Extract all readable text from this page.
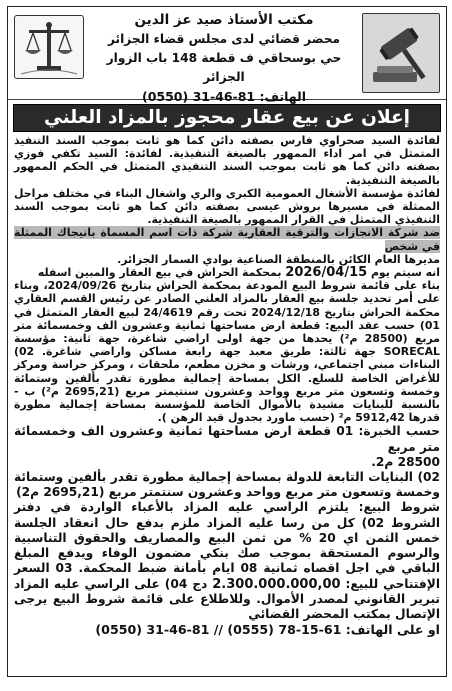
مكتب الأستاذ صيد عز الدين
محضر قضائي لدى مجلس قضاء الجزائر
حي بوسحاقي ف قطعة 148 باب الزوار الجزائر
الهاتف: (0550) 31-46-81
إعلان عن بيع عقار محجوز بالمزاد العلني

لفائدة السيد صحراوي فارس بصفته دائن كما هو ثابت بموجب السند التنفيذ المتمثل في امر اداء الممهور بالصيغة التنفيذية. لفائدة: السيد تكفي فوزي بصفته دائن كما هو ثابت بموجب السند التنفيذي المتمثل في الحكم الممهور بالصيغة التنفيذية.

لفائدة مؤسسة الأشغال العمومية الكبرى والري واشغال البناء في مختلف مراحل الممثلة في مسيرها بروش عيسى بصفته دائن كما هو ثابت بموجب السند التنفيذي المتمثل في القرار الممهور بالصيغة التنفيذية.

ضد شركة الانجازات والترقية العقارية شركة ذات اسم المسماة بانيجاك الممثلة في شخص

مديرها العام الكائن بالمنطقة الصناعية بوادي السمار الجزائر.

انه سيتم يوم 2026/04/15 بمحكمة الحراش في بيع العقار والمبين اسفله

بناء على قائمة شروط البيع المودعة بمحكمة الحراش بتاريخ 2024/09/26، وبناء على أمر تحديد جلسة بيع العقار بالمزاد العلني الصادر عن رئيس القسم العقاري محكمة الحراش بتاريخ 2024/12/18 تحت رقم 24/4619 لبيع العقار المتمثل في 01) حسب عقد البيع: قطعة ارض مساحتها ثمانية وعشرون الف وخمسمائة متر مربع (28500 م²) يحدها من جهة اولى اراضي شاغرة، جهة ثانية: مؤسسة SORECAL جهة ثالثة: طريق معبد جهة رابعة مساكن واراضي شاغرة. 02) البناءات مبني اجتماعي، ورشات و مخزن مطعم، ملحقات ، ومركز حراسة ومركز للأغراض الخاصة للسلع. الكل بمساحة إجمالية مطورة تقدر بألفين وستمائة وخمسة وتسعون متر مربع وواحد وعشرون سنتيمتر مربع (2695,21 م²) ب - بالنسبة للبنايات مشيدة بالأموال الخاصة للمؤسسة بمساحة إجمالية مطورة قدرها 5912,42 م² (حسب ماورد بجدول قيد الرهن ).

حسب الخبرة: 01 قطعة ارض مساحتها ثمانية وعشرون الف وخمسمائة متر مربع

28500 م2.

02) البنايات التابعة للدولة بمساحة إجمالية مطورة تقدر بألفين وستمائة وخمسة وتسعون متر مربع وواحد وعشرون سنتمتر مربع (2695,21 م2)

شروط البيع: يلتزم الراسي عليه المزاد بالأعباء الواردة في دفتر الشروط 02) كل من رسا عليه المزاد ملزم بدفع حال انعقاد الجلسة خمس الثمن اي 20 % من ثمن البيع والمصاريف والحقوق التناسبية والرسوم المستحقة بموجب صك بنكي مضمون الوفاء ويدفع المبلغ الباقي في اجل اقصاه ثمانية 08 ايام بأمانة ضبط المحكمة. 03 السعر الإفتتاحي للبيع: 2.300.000.000,00 دج 04) على الراسي عليه المزاد تبرير القانوني لمصدر الأموال. وللاطلاع على قائمة شروط البيع يرجى الإتصال بمكتب المحضر القضائي

او على الهاتف: (0550) 31-46-81 // (0555) 78-15-61
